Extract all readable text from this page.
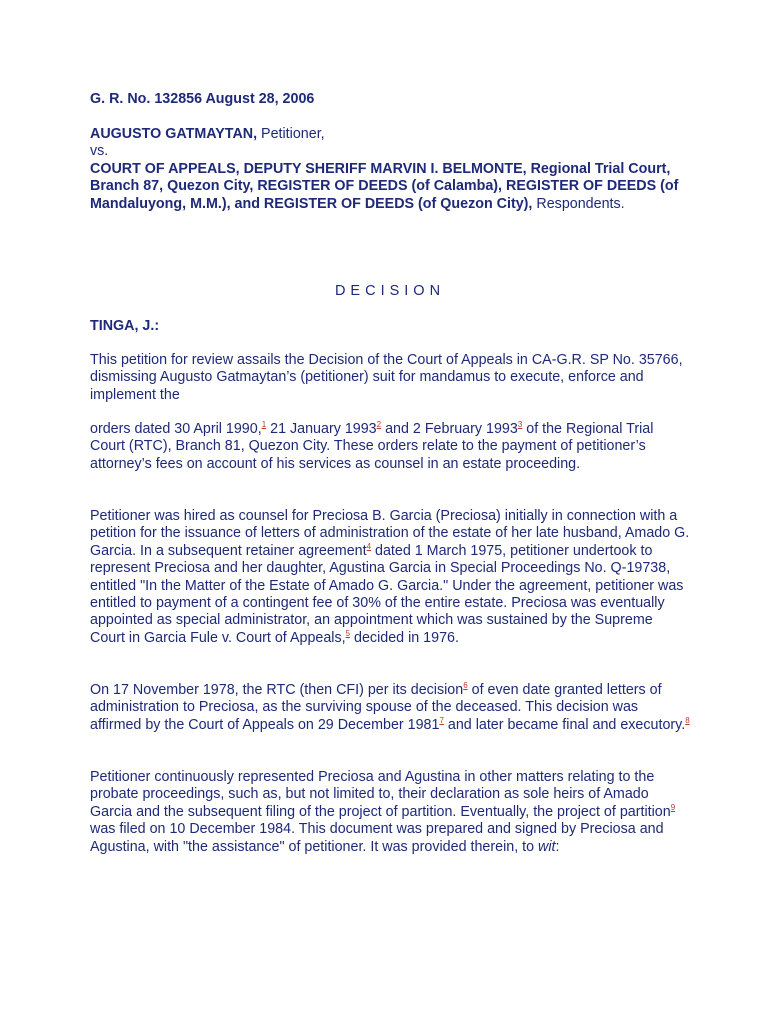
G. R. No. 132856 August 28, 2006

AUGUSTO GATMAYTAN, Petitioner,
vs.
COURT OF APPEALS, DEPUTY SHERIFF MARVIN I. BELMONTE, Regional Trial Court, Branch 87, Quezon City, REGISTER OF DEEDS (of Calamba), REGISTER OF DEEDS (of Mandaluyong, M.M.), and REGISTER OF DEEDS (of Quezon City), Respondents.

DECISION

TINGA, J.:

This petition for review assails the Decision of the Court of Appeals in CA-G.R. SP No. 35766, dismissing Augusto Gatmaytan’s (petitioner) suit for mandamus to execute, enforce and implement the

orders dated 30 April 1990,$^1$ 21 January 1993$^2$ and 2 February 1993$^3$ of the Regional Trial Court (RTC), Branch 81, Quezon City. These orders relate to the payment of petitioner’s attorney’s fees on account of his services as counsel in an estate proceeding.

Petitioner was hired as counsel for Preciosa B. Garcia (Preciosa) initially in connection with a petition for the issuance of letters of administration of the estate of her late husband, Amado G. Garcia. In a subsequent retainer agreement$^4$ dated 1 March 1975, petitioner undertook to represent Preciosa and her daughter, Agustina Garcia in Special Proceedings No. Q-19738, entitled "In the Matter of the Estate of Amado G. Garcia." Under the agreement, petitioner was entitled to payment of a contingent fee of 30% of the entire estate. Preciosa was eventually appointed as special administrator, an appointment which was sustained by the Supreme Court in Garcia Fule v. Court of Appeals,$^5$ decided in 1976.

On 17 November 1978, the RTC (then CFI) per its decision$^6$ of even date granted letters of administration to Preciosa, as the surviving spouse of the deceased. This decision was affirmed by the Court of Appeals on 29 December 1981$^7$ and later became final and executory.$^8$

Petitioner continuously represented Preciosa and Agustina in other matters relating to the probate proceedings, such as, but not limited to, their declaration as sole heirs of Amado Garcia and the subsequent filing of the project of partition. Eventually, the project of partition$^9$ was filed on 10 December 1984. This document was prepared and signed by Preciosa and Agustina, with "the assistance" of petitioner. It was provided therein, to wit:
